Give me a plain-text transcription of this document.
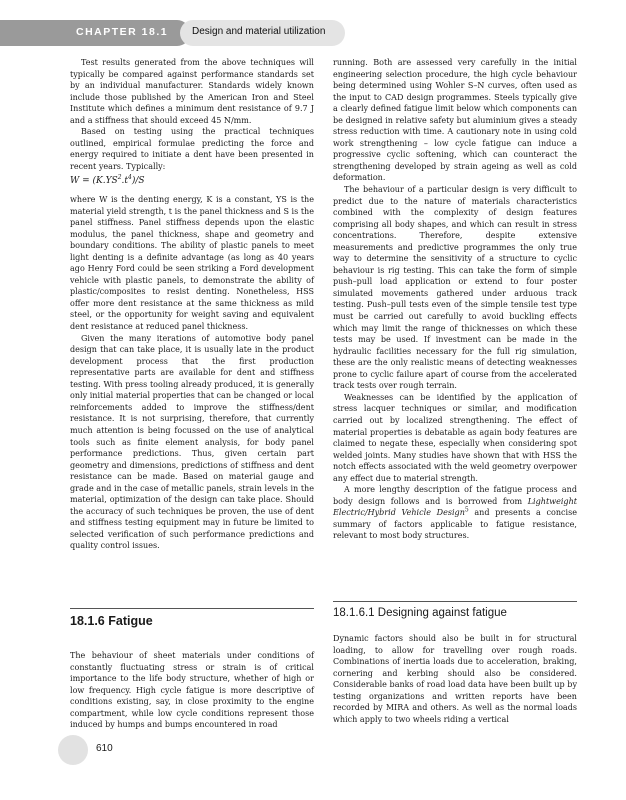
CHAPTER 18.1 Design and material utilization

Test results generated from the above techniques will typically be compared against performance standards set by an individual manufacturer. Standards widely known include those published by the American Iron and Steel Institute which defines a minimum dent resistance of 9.7 J and a stiffness that should exceed 45 N/mm.

Based on testing using the practical techniques outlined, empirical formulae predicting the force and energy required to initiate a dent have been presented in recent years. Typically:

$W = (K.YS^2.t^4)/S$

where W is the denting energy, K is a constant, YS is the material yield strength, t is the panel thickness and S is the panel stiffness. Panel stiffness depends upon the elastic modulus, the panel thickness, shape and geometry and boundary conditions. The ability of plastic panels to meet light denting is a definite advantage (as long as 40 years ago Henry Ford could be seen striking a Ford development vehicle with plastic panels, to demonstrate the ability of plastic/composites to resist denting. Nonetheless, HSS offer more dent resistance at the same thickness as mild steel, or the opportunity for weight saving and equivalent dent resistance at reduced panel thickness.

Given the many iterations of automotive body panel design that can take place, it is usually late in the product development process that the first production representative parts are available for dent and stiffness testing. With press tooling already produced, it is generally only initial material properties that can be changed or local reinforcements added to improve the stiffness/dent resistance. It is not surprising, therefore, that currently much attention is being focussed on the use of analytical tools such as finite element analysis, for body panel performance predictions. Thus, given certain part geometry and dimensions, predictions of stiffness and dent resistance can be made. Based on material gauge and grade and in the case of metallic panels, strain levels in the material, optimization of the design can take place. Should the accuracy of such techniques be proven, the use of dent and stiffness testing equipment may in future be limited to selected verification of such performance predictions and quality control issues.

18.1.6 Fatigue

The behaviour of sheet materials under conditions of constantly fluctuating stress or strain is of critical importance to the life body structure, whether of high or low frequency. High cycle fatigue is more descriptive of conditions existing, say, in close proximity to the engine compartment, while low cycle conditions represent those induced by humps and bumps encountered in road

running. Both are assessed very carefully in the initial engineering selection procedure, the high cycle behaviour being determined using Wohler S–N curves, often used as the input to CAD design programmes. Steels typically give a clearly defined fatigue limit below which components can be designed in relative safety but aluminium gives a steady stress reduction with time. A cautionary note in using cold work strengthening – low cycle fatigue can induce a progressive cyclic softening, which can counteract the strengthening developed by strain ageing as well as cold deformation.

The behaviour of a particular design is very difficult to predict due to the nature of materials characteristics combined with the complexity of design features comprising all body shapes, and which can result in stress concentrations. Therefore, despite extensive measurements and predictive programmes the only true way to determine the sensitivity of a structure to cyclic behaviour is rig testing. This can take the form of simple push–pull load application or extend to four poster simulated movements gathered under arduous track testing. Push–pull tests even of the simple tensile test type must be carried out carefully to avoid buckling effects which may limit the range of thicknesses on which these tests may be used. If investment can be made in the hydraulic facilities necessary for the full rig simulation, these are the only realistic means of detecting weaknesses prone to cyclic failure apart of course from the accelerated track tests over rough terrain.

Weaknesses can be identified by the application of stress lacquer techniques or similar, and modification carried out by localized strengthening. The effect of material properties is debatable as again body features are claimed to negate these, especially when considering spot welded joints. Many studies have shown that with HSS the notch effects associated with the weld geometry overpower any effect due to material strength.

A more lengthy description of the fatigue process and body design follows and is borrowed from Lightweight Electric/Hybrid Vehicle Design$^5$ and presents a concise summary of factors applicable to fatigue resistance, relevant to most body structures.

18.1.6.1 Designing against fatigue

Dynamic factors should also be built in for structural loading, to allow for travelling over rough roads. Combinations of inertia loads due to acceleration, braking, cornering and kerbing should also be considered. Considerable banks of road load data have been built up by testing organizations and written reports have been recorded by MIRA and others. As well as the normal loads which apply to two wheels riding a vertical

610
